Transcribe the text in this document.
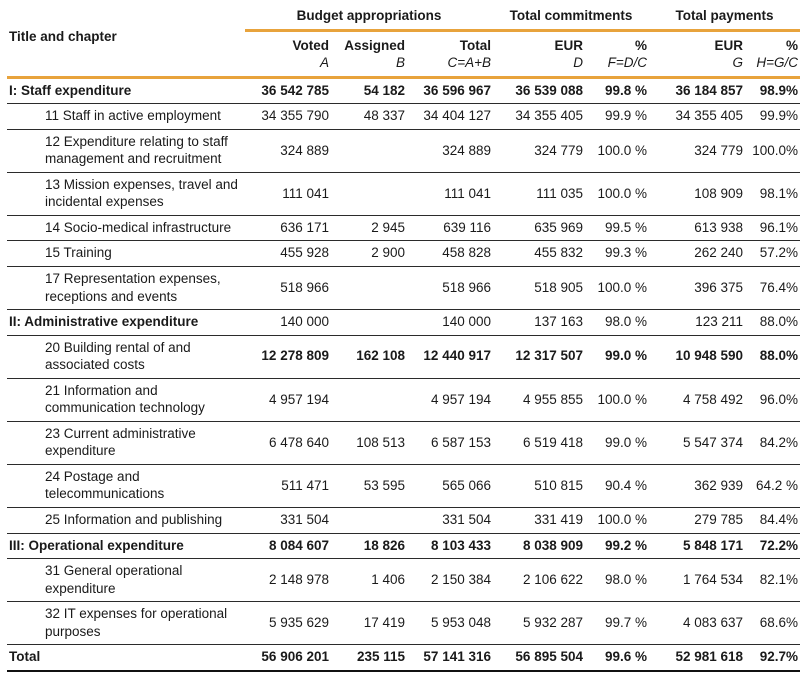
Title and chapter	Budget appropriations			Total commitments		Total payments	
	Voted	Assigned	Total	EUR	%	EUR	%
	A	B	C=A+B	D	F=D/C	G	H=G/C
I: Staff expenditure	36 542 785	54 182	36 596 967	36 539 088	99.8 %	36 184 857	98.9%
11 Staff in active employment	34 355 790	48 337	34 404 127	34 355 405	99.9 %	34 355 405	99.9%
12 Expenditure relating to staff management and recruitment	324 889		324 889	324 779	100.0 %	324 779	100.0%
13 Mission expenses, travel and incidental expenses	111 041		111 041	111 035	100.0 %	108 909	98.1%
14 Socio-medical infrastructure	636 171	2 945	639 116	635 969	99.5 %	613 938	96.1%
15 Training	455 928	2 900	458 828	455 832	99.3 %	262 240	57.2%
17 Representation expenses, receptions and events	518 966		518 966	518 905	100.0 %	396 375	76.4%
II: Administrative expenditure	140 000		140 000	137 163	98.0 %	123 211	88.0%
20 Building rental of and associated costs	12 278 809	162 108	12 440 917	12 317 507	99.0 %	10 948 590	88.0%
21 Information and communication technology	4 957 194		4 957 194	4 955 855	100.0 %	4 758 492	96.0%
23 Current administrative expenditure	6 478 640	108 513	6 587 153	6 519 418	99.0 %	5 547 374	84.2%
24 Postage and telecommunications	511 471	53 595	565 066	510 815	90.4 %	362 939	64.2 %
25 Information and publishing	331 504		331 504	331 419	100.0 %	279 785	84.4%
III: Operational expenditure	8 084 607	18 826	8 103 433	8 038 909	99.2 %	5 848 171	72.2%
31 General operational expenditure	2 148 978	1 406	2 150 384	2 106 622	98.0 %	1 764 534	82.1%
32 IT expenses for operational purposes	5 935 629	17 419	5 953 048	5 932 287	99.7 %	4 083 637	68.6%
Total	56 906 201	235 115	57 141 316	56 895 504	99.6 %	52 981 618	92.7%
